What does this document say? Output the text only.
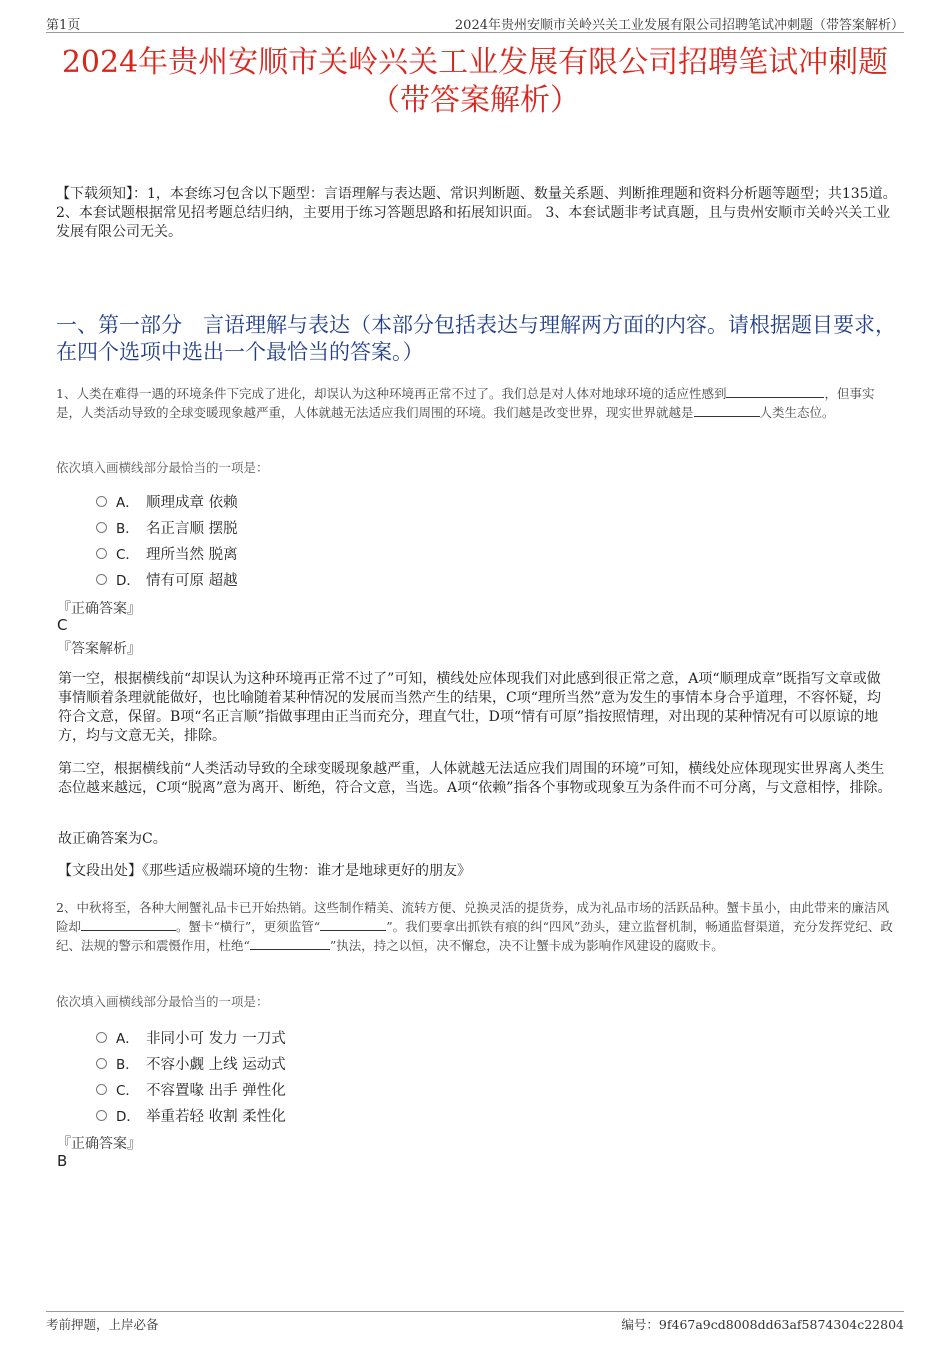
第1页	2024年贵州安顺市关岭兴关工业发展有限公司招聘笔试冲刺题（带答案解析）
2024年贵州安顺市关岭兴关工业发展有限公司招聘笔试冲刺题
（带答案解析）
【下载须知】：1，本套练习包含以下题型：言语理解与表达题、常识判断题、数量关系题、判断推理题和资料分析题等题型；共135道。 2、本套试题根据常见招考题总结归纳，主要用于练习答题思路和拓展知识面。 3、本套试题非考试真题，且与贵州安顺市关岭兴关工业发展有限公司无关。
一、第一部分　言语理解与表达（本部分包括表达与理解两方面的内容。请根据题目要求，在四个选项中选出一个最恰当的答案。）
1、人类在难得一遇的环境条件下完成了进化，却误认为这种环境再正常不过了。我们总是对人体对地球环境的适应性感到	，但事实是，人类活动导致的全球变暖现象越严重，人体就越无法适应我们周围的环境。我们越是改变世界，现实世界就越是	人类生态位。
依次填入画横线部分最恰当的一项是：
A． 顺理成章 依赖
B． 名正言顺 摆脱
C． 理所当然 脱离
D． 情有可原 超越
『正确答案』
C
『答案解析』
第一空，根据横线前“却误认为这种环境再正常不过了”可知，横线处应体现我们对此感到很正常之意，A项“顺理成章”既指写文章或做事情顺着条理就能做好，也比喻随着某种情况的发展而当然产生的结果，C项“理所当然”意为发生的事情本身合乎道理，不容怀疑，均符合文意，保留。B项“名正言顺”指做事理由正当而充分，理直气壮，D项“情有可原”指按照情理，对出现的某种情况有可以原谅的地方，均与文意无关，排除。
第二空，根据横线前“人类活动导致的全球变暖现象越严重，人体就越无法适应我们周围的环境”可知，横线处应体现现实世界离人类生态位越来越远，C项“脱离”意为离开、断绝，符合文意，当选。A项“依赖”指各个事物或现象互为条件而不可分离，与文意相悖，排除。
故正确答案为C。
【文段出处】《那些适应极端环境的生物：谁才是地球更好的朋友》
2、中秋将至，各种大闸蟹礼品卡已开始热销。这些制作精美、流转方便、兑换灵活的提货券，成为礼品市场的活跃品种。蟹卡虽小，由此带来的廉洁风险却	。蟹卡“横行”，更须监管“	”。我们要拿出抓铁有痕的纠“四风”劲头，建立监督机制，畅通监督渠道，充分发挥党纪、政纪、法规的警示和震慑作用，杜绝“	”执法，持之以恒，决不懈怠，决不让蟹卡成为影响作风建设的腐败卡。
依次填入画横线部分最恰当的一项是：
A． 非同小可 发力 一刀式
B． 不容小觑 上线 运动式
C． 不容置喙 出手 弹性化
D． 举重若轻 收割 柔性化
『正确答案』
B
考前押题，上岸必备	编号：9f467a9cd8008dd63af5874304c22804
